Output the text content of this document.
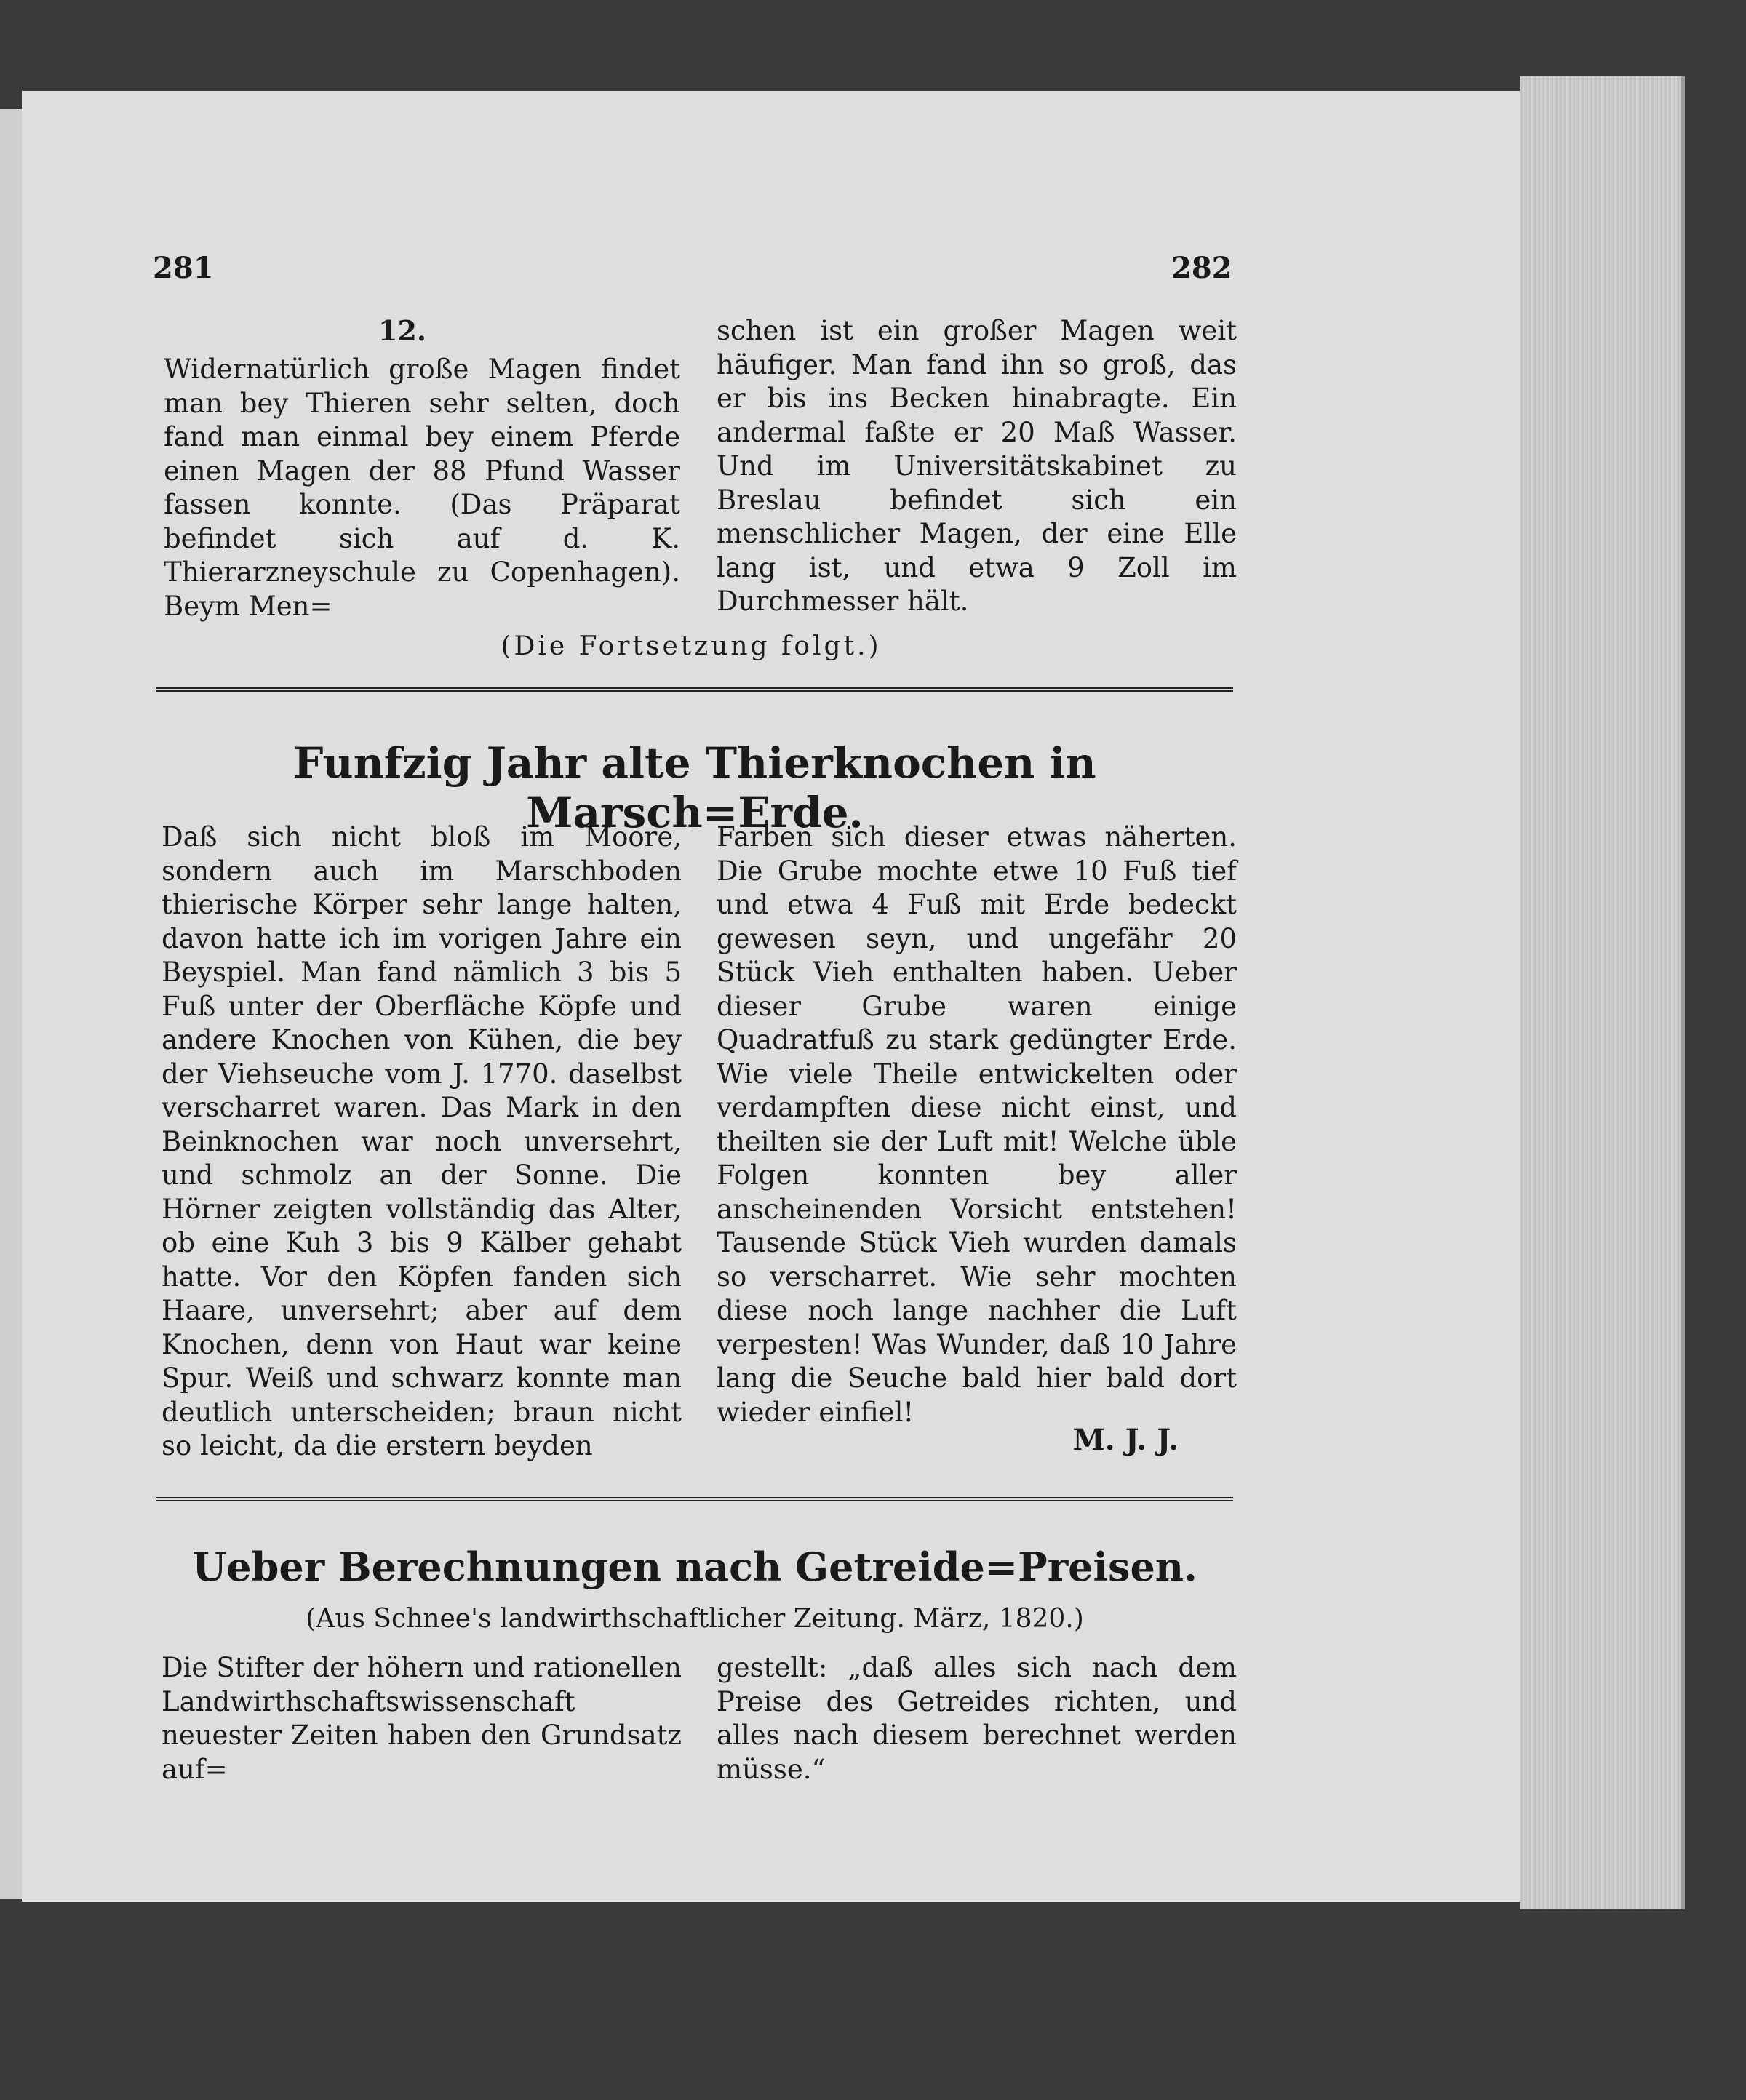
281	282
12.

Widernatürlich große Magen findet man bey Thieren sehr selten, doch fand man einmal bey einem Pferde einen Magen der 88 Pfund Wasser fassen konnte. (Das Präparat befindet sich auf d. K. Thierarzneyschule zu Copenhagen). Beym Men=

schen ist ein großer Magen weit häufiger. Man fand ihn so groß, das er bis ins Becken hinabragte. Ein andermal faßte er 20 Maß Wasser. Und im Universitätskabinet zu Breslau befindet sich ein menschlicher Magen, der eine Elle lang ist, und etwa 9 Zoll im Durchmesser hält.

(Die Fortsetzung folgt.)
Funfzig Jahr alte Thierknochen in Marsch=Erde.

Daß sich nicht bloß im Moore, sondern auch im Marschboden thierische Körper sehr lange halten, davon hatte ich im vorigen Jahre ein Beyspiel. Man fand nämlich 3 bis 5 Fuß unter der Oberfläche Köpfe und andere Knochen von Kühen, die bey der Viehseuche vom J. 1770. daselbst verscharret waren. Das Mark in den Beinknochen war noch unversehrt, und schmolz an der Sonne. Die Hörner zeigten vollständig das Alter, ob eine Kuh 3 bis 9 Kälber gehabt hatte. Vor den Köpfen fanden sich Haare, unversehrt; aber auf dem Knochen, denn von Haut war keine Spur. Weiß und schwarz konnte man deutlich unterscheiden; braun nicht so leicht, da die erstern beyden

Farben sich dieser etwas näherten. Die Grube mochte etwe 10 Fuß tief und etwa 4 Fuß mit Erde bedeckt gewesen seyn, und ungefähr 20 Stück Vieh enthalten haben. Ueber dieser Grube waren einige Quadratfuß zu stark gedüngter Erde. Wie viele Theile entwickelten oder verdampften diese nicht einst, und theilten sie der Luft mit! Welche üble Folgen konnten bey aller anscheinenden Vorsicht entstehen! Tausende Stück Vieh wurden damals so verscharret. Wie sehr mochten diese noch lange nachher die Luft verpesten! Was Wunder, daß 10 Jahre lang die Seuche bald hier bald dort wieder einfiel!

M. J. J.
Ueber Berechnungen nach Getreide=Preisen.
(Aus Schnee's landwirthschaftlicher Zeitung. März, 1820.)

Die Stifter der höhern und rationellen Landwirthschaftswissenschaft neuester Zeiten haben den Grundsatz auf=

gestellt: „daß alles sich nach dem Preise des Getreides richten, und alles nach diesem berechnet werden müsse.“
